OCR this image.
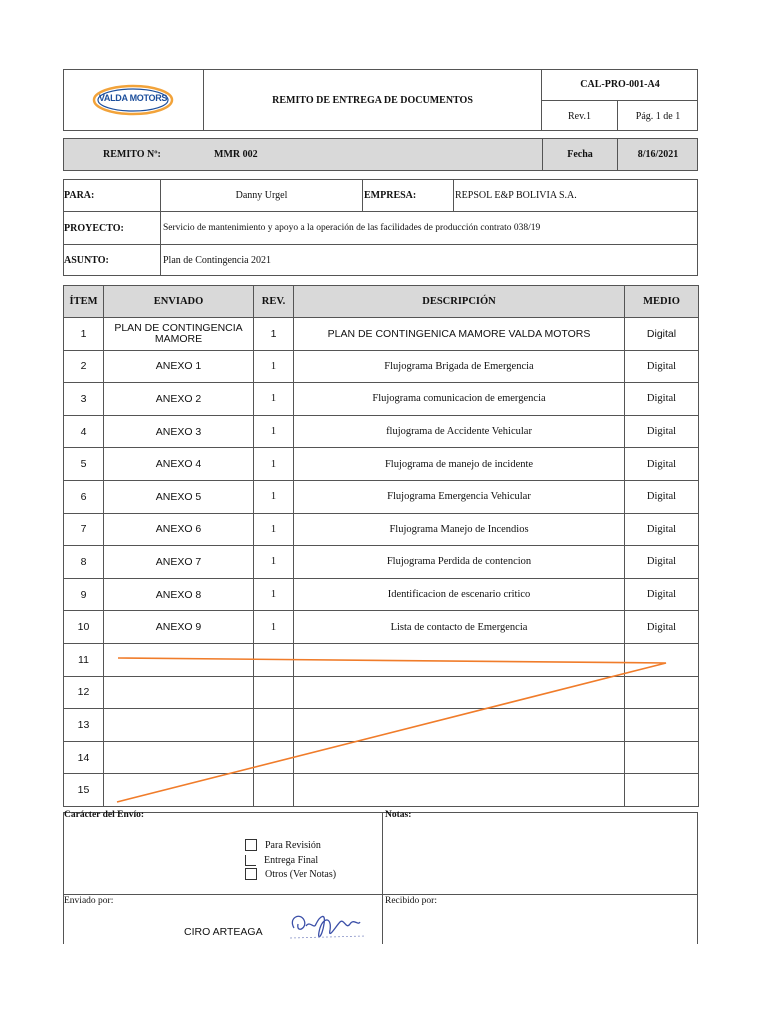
VALDA MOTORS	REMITO DE ENTREGA DE DOCUMENTOS
CAL-PRO-001-A4
Rev.1	Pág. 1 de 1
REMITO Nº:	MMR 002	Fecha	8/16/2021
PARA:	Danny Urgel	EMPRESA:	REPSOL E&P BOLIVIA S.A.
PROYECTO:	Servicio de mantenimiento y apoyo a la operación de las facilidades de producción contrato 038/19
ASUNTO:	Plan de Contingencia 2021
ÍTEM	ENVIADO	REV.	DESCRIPCIÓN	MEDIO
1	PLAN DE CONTINGENCIA MAMORE	1	PLAN DE CONTINGENICA MAMORE VALDA MOTORS	Digital
2	ANEXO 1	1	Flujograma Brigada de Emergencia	Digital
3	ANEXO 2	1	Flujograma comunicacion de emergencia	Digital
4	ANEXO 3	1	flujograma de Accidente Vehicular	Digital
5	ANEXO 4	1	Flujograma de manejo de incidente	Digital
6	ANEXO 5	1	Flujograma Emergencia Vehicular	Digital
7	ANEXO 6	1	Flujograma Manejo de Incendios	Digital
8	ANEXO 7	1	Flujograma Perdida de contencion	Digital
9	ANEXO 8	1	Identificacion de escenario critico	Digital
10	ANEXO 9	1	Lista de contacto de Emergencia	Digital
11				
12				
13				
14				
15				
Carácter del Envío:	Notas:
Para Revisión
Entrega Final
Otros (Ver Notas)
Enviado por:	Recibido por:
CIRO ARTEAGA
